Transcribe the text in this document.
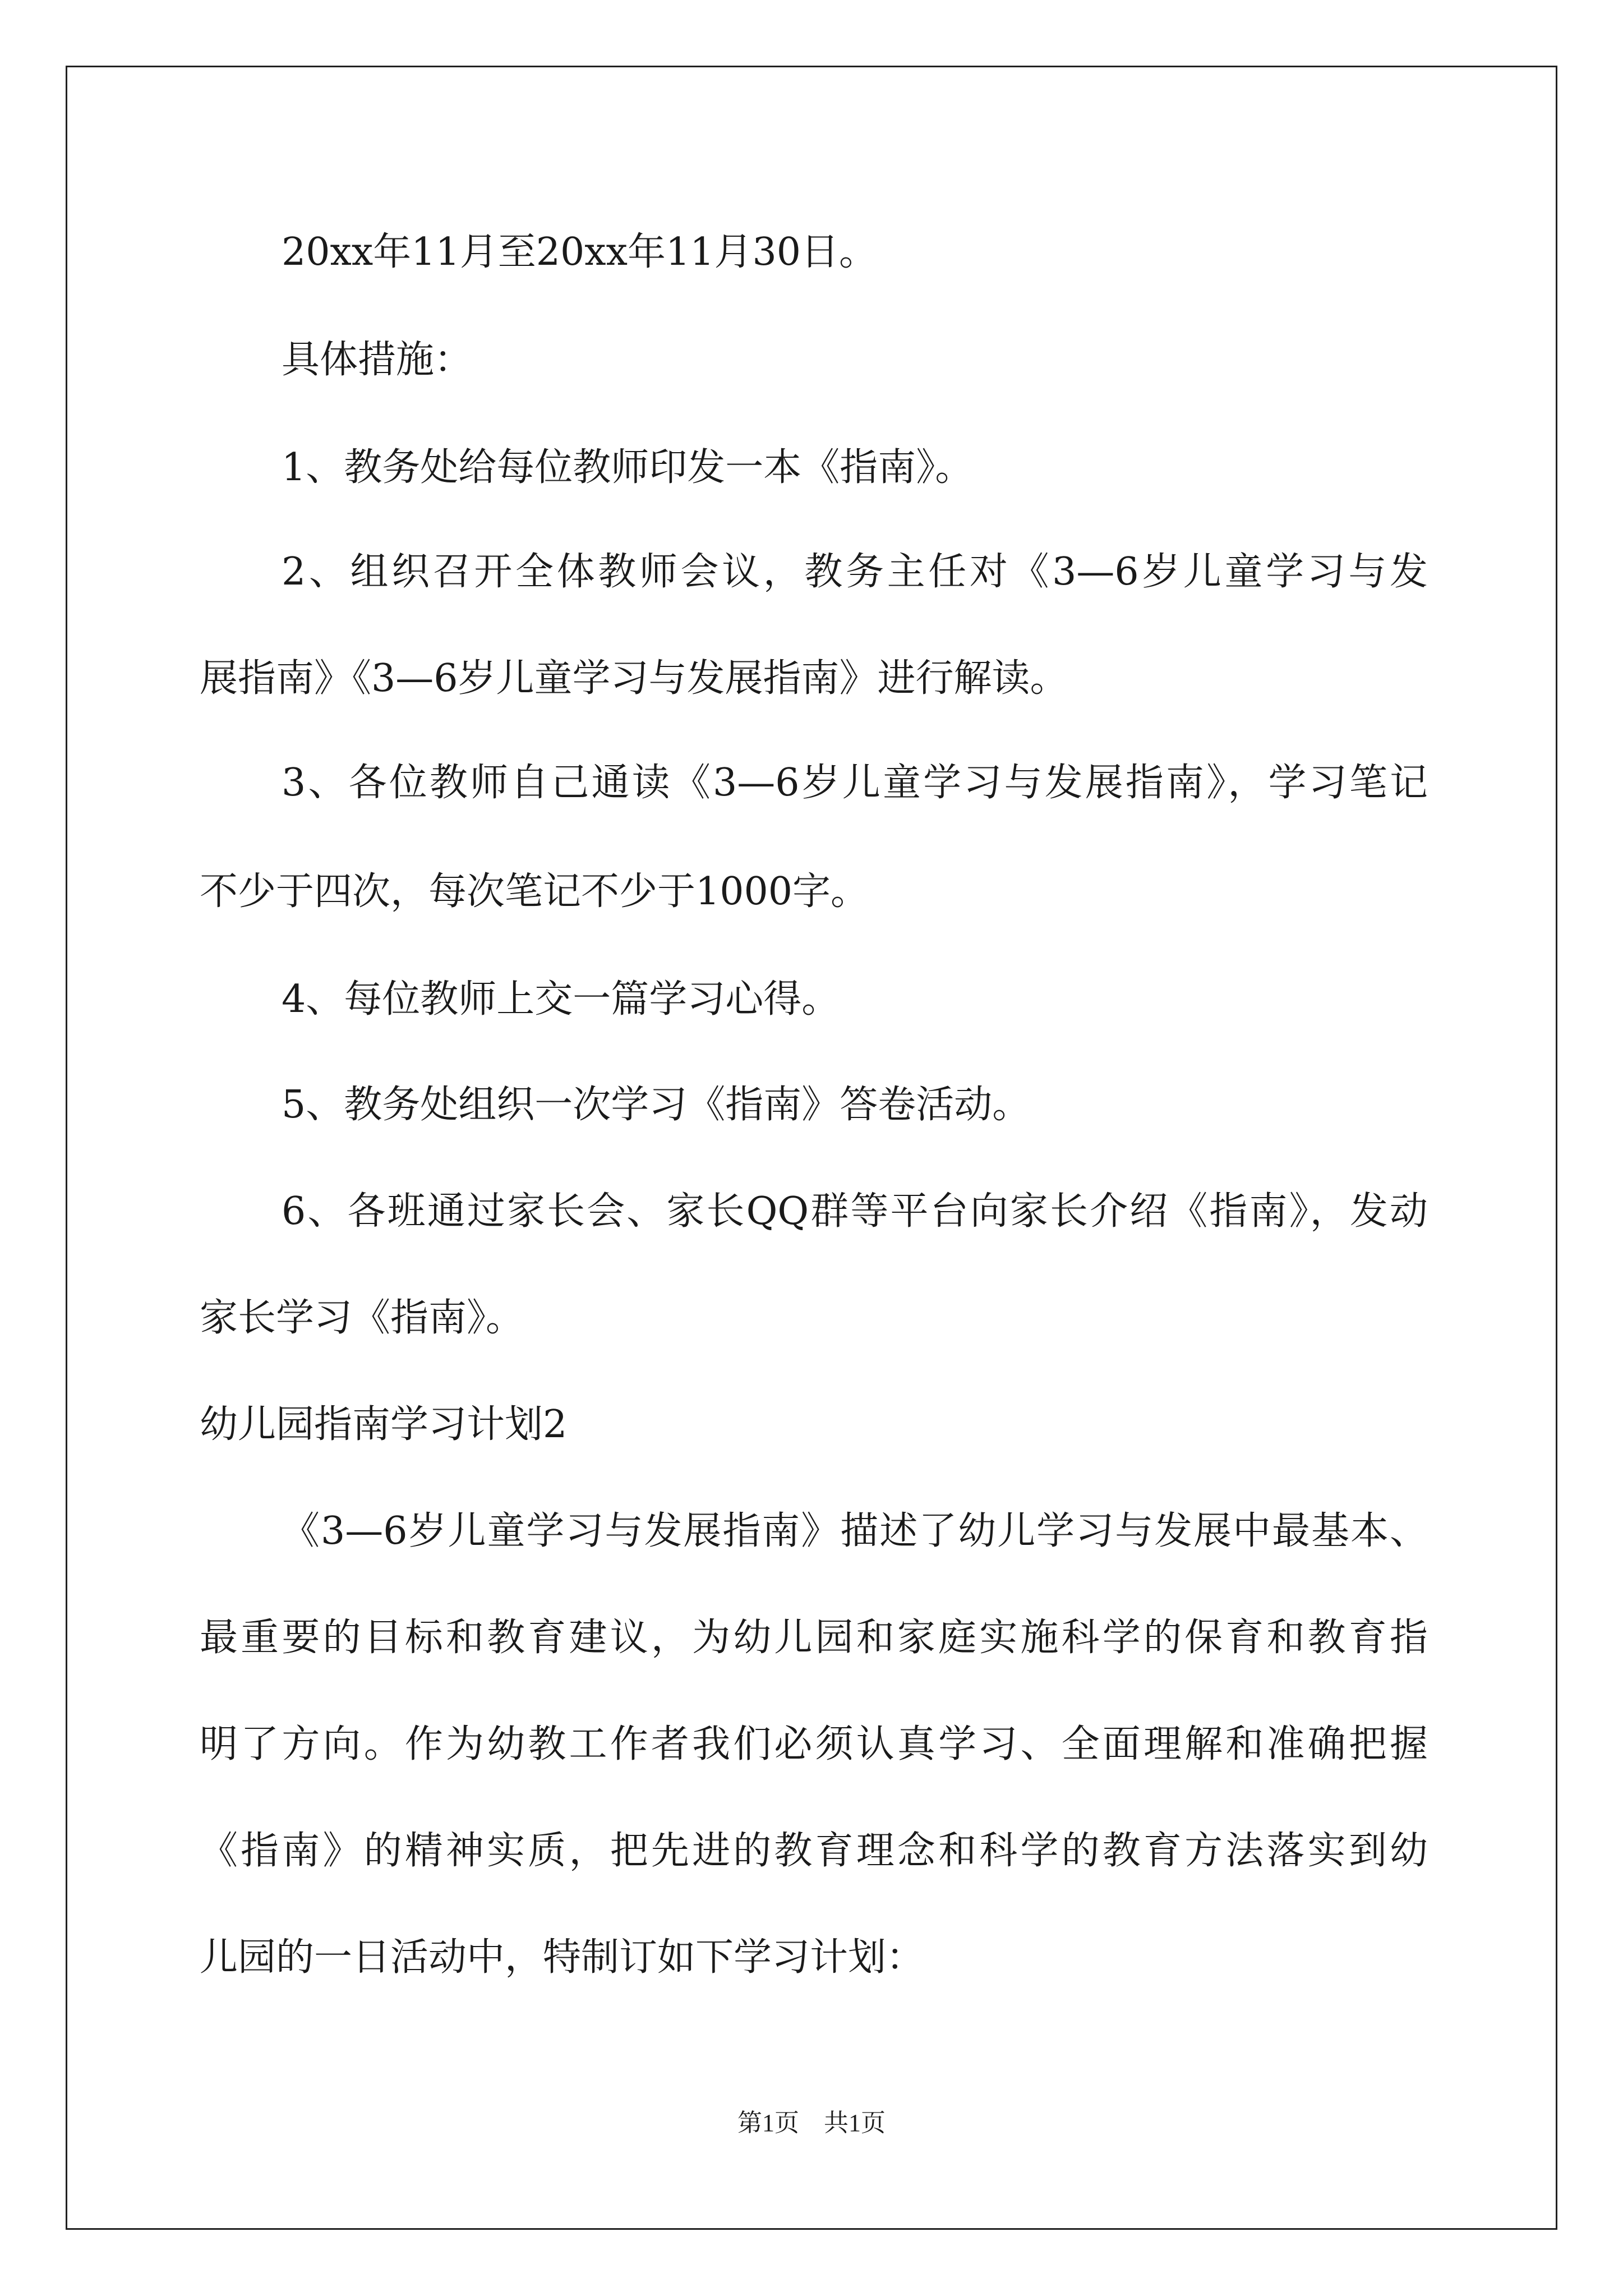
20xx年11月至20xx年11月30日。
具体措施：
1、教务处给每位教师印发一本《指南》。
2、组织召开全体教师会议，教务主任对《3—6岁儿童学习与发
展指南》《3—6岁儿童学习与发展指南》进行解读。
3、各位教师自己通读《3—6岁儿童学习与发展指南》，学习笔记
不少于四次，每次笔记不少于1000字。
4、每位教师上交一篇学习心得。
5、教务处组织一次学习《指南》答卷活动。
6、各班通过家长会、家长QQ群等平台向家长介绍《指南》，发动
家长学习《指南》。
幼儿园指南学习计划2
《3—6岁儿童学习与发展指南》描述了幼儿学习与发展中最基本、
最重要的目标和教育建议，为幼儿园和家庭实施科学的保育和教育指
明了方向。作为幼教工作者我们必须认真学习、全面理解和准确把握
《指南》的精神实质，把先进的教育理念和科学的教育方法落实到幼
儿园的一日活动中，特制订如下学习计划：
第1页 共1页
